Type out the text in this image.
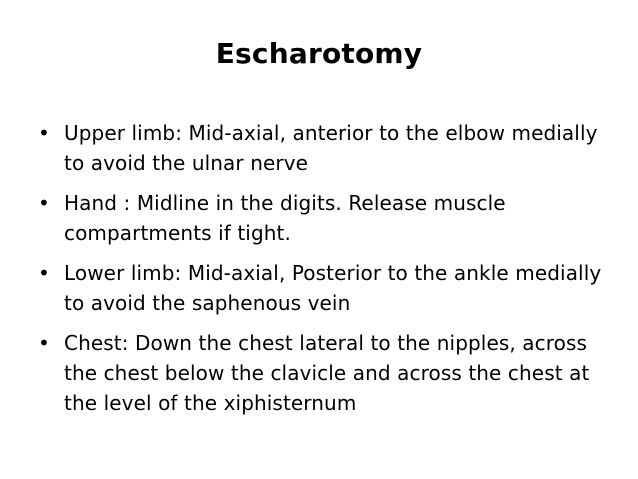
Escharotomy
• Upper limb: Mid-axial, anterior to the elbow medially to avoid the ulnar nerve
• Hand : Midline in the digits. Release muscle compartments if tight.
• Lower limb: Mid-axial, Posterior to the ankle medially to avoid the saphenous vein
• Chest: Down the chest lateral to the nipples, across the chest below the clavicle and across the chest at the level of the xiphisternum
